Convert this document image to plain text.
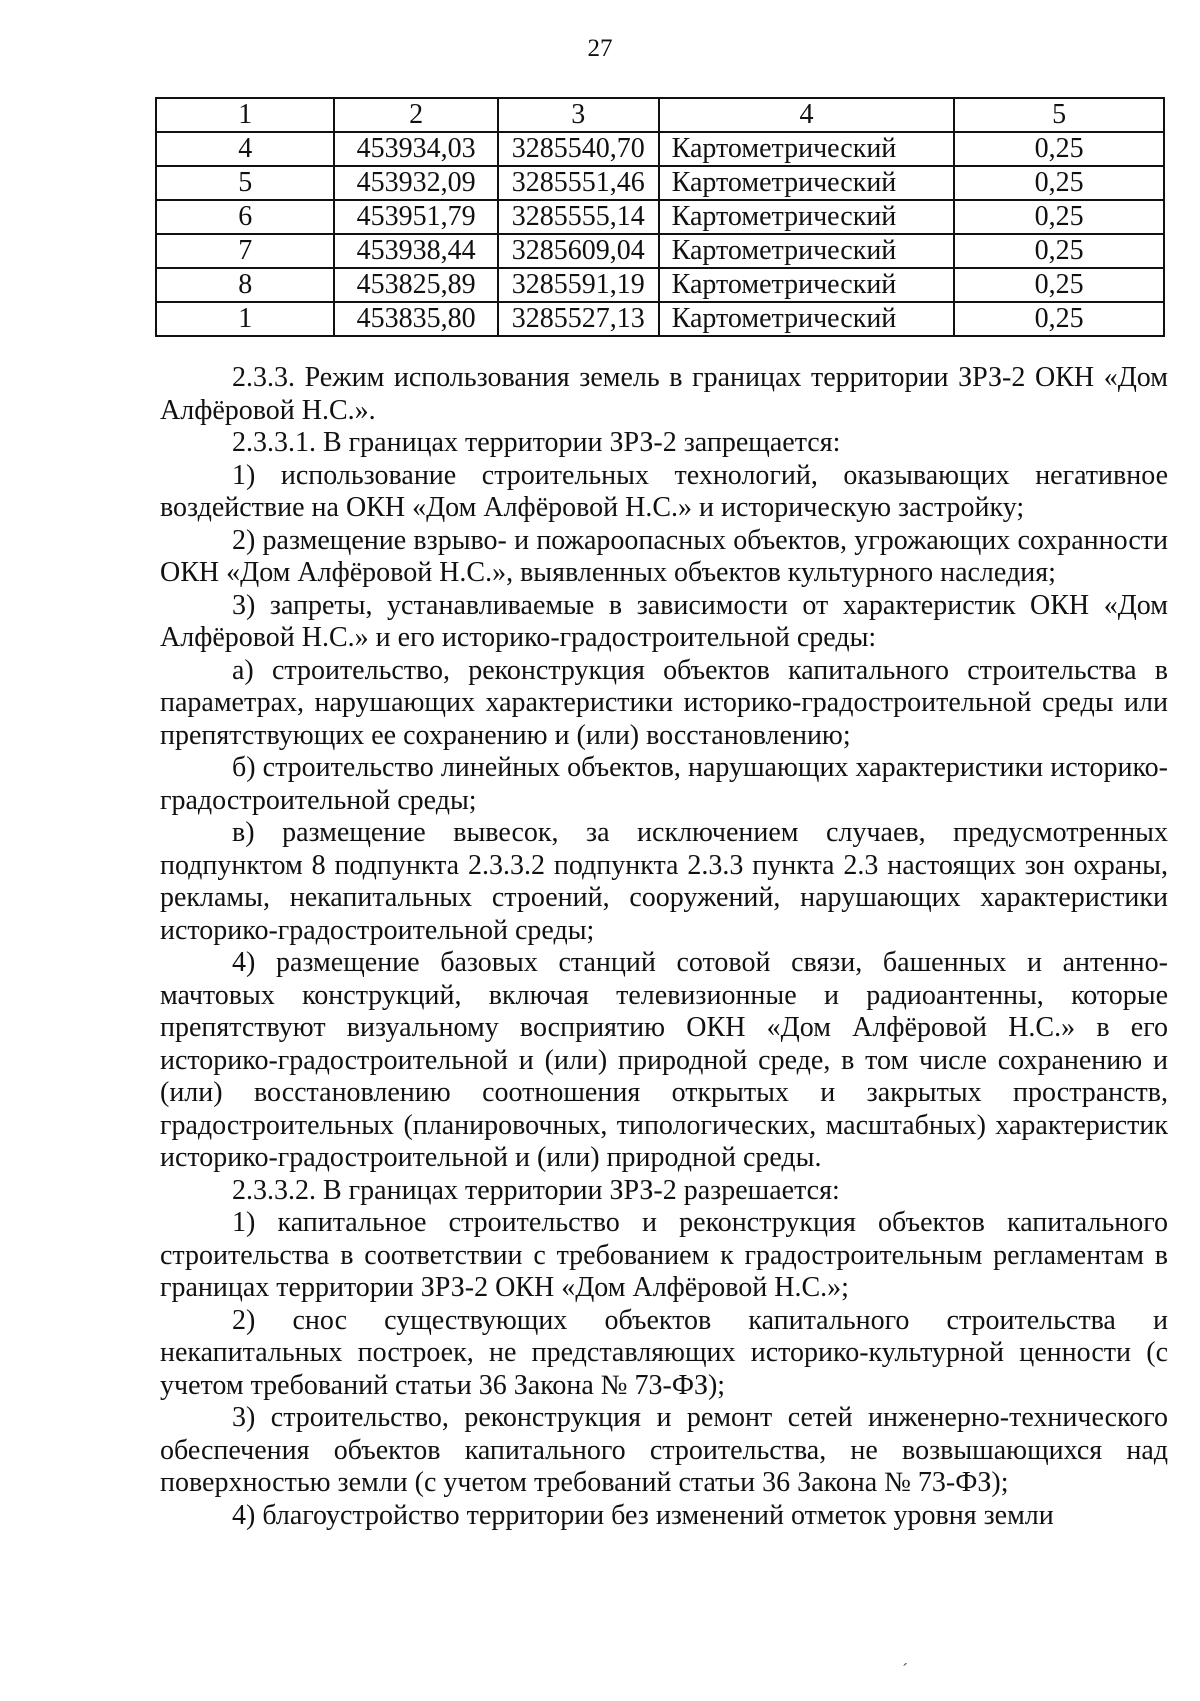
27
1	2	3	4	5
4	453934,03	3285540,70	Картометрический	0,25
5	453932,09	3285551,46	Картометрический	0,25
6	453951,79	3285555,14	Картометрический	0,25
7	453938,44	3285609,04	Картометрический	0,25
8	453825,89	3285591,19	Картометрический	0,25
1	453835,80	3285527,13	Картометрический	0,25

2.3.3. Режим использования земель в границах территории ЗРЗ-2 ОКН «Дом Алфёровой Н.С.».

2.3.3.1. В границах территории ЗРЗ-2 запрещается:

1) использование строительных технологий, оказывающих негативное воздействие на ОКН «Дом Алфёровой Н.С.» и историческую застройку;

2) размещение взрыво- и пожароопасных объектов, угрожающих сохранности ОКН «Дом Алфёровой Н.С.», выявленных объектов культурного наследия;

3) запреты, устанавливаемые в зависимости от характеристик ОКН «Дом Алфёровой Н.С.» и его историко-градостроительной среды:

а) строительство, реконструкция объектов капитального строительства в параметрах, нарушающих характеристики историко-градостроительной среды или препятствующих ее сохранению и (или) восстановлению;

б) строительство линейных объектов, нарушающих характеристики историко-градостроительной среды;

в) размещение вывесок, за исключением случаев, предусмотренных подпунктом 8 подпункта 2.3.3.2 подпункта 2.3.3 пункта 2.3 настоящих зон охраны, рекламы, некапитальных строений, сооружений, нарушающих характеристики историко-градостроительной среды;

4) размещение базовых станций сотовой связи, башенных и антенно-мачтовых конструкций, включая телевизионные и радиоантенны, которые препятствуют визуальному восприятию ОКН «Дом Алфёровой Н.С.» в его историко-градостроительной и (или) природной среде, в том числе сохранению и (или) восстановлению соотношения открытых и закрытых пространств, градостроительных (планировочных, типологических, масштабных) характеристик историко-градостроительной и (или) природной среды.

2.3.3.2. В границах территории ЗРЗ-2 разрешается:

1) капитальное строительство и реконструкция объектов капитального строительства в соответствии с требованием к градостроительным регламентам в границах территории ЗРЗ-2 ОКН «Дом Алфёровой Н.С.»;

2) снос существующих объектов капитального строительства и некапитальных построек, не представляющих историко-культурной ценности (с учетом требований статьи 36 Закона № 73-ФЗ);

3) строительство, реконструкция и ремонт сетей инженерно-технического обеспечения объектов капитального строительства, не возвышающихся над поверхностью земли (с учетом требований статьи 36 Закона № 73-ФЗ);

4) благоустройство территории без изменений отметок уровня земли

´
